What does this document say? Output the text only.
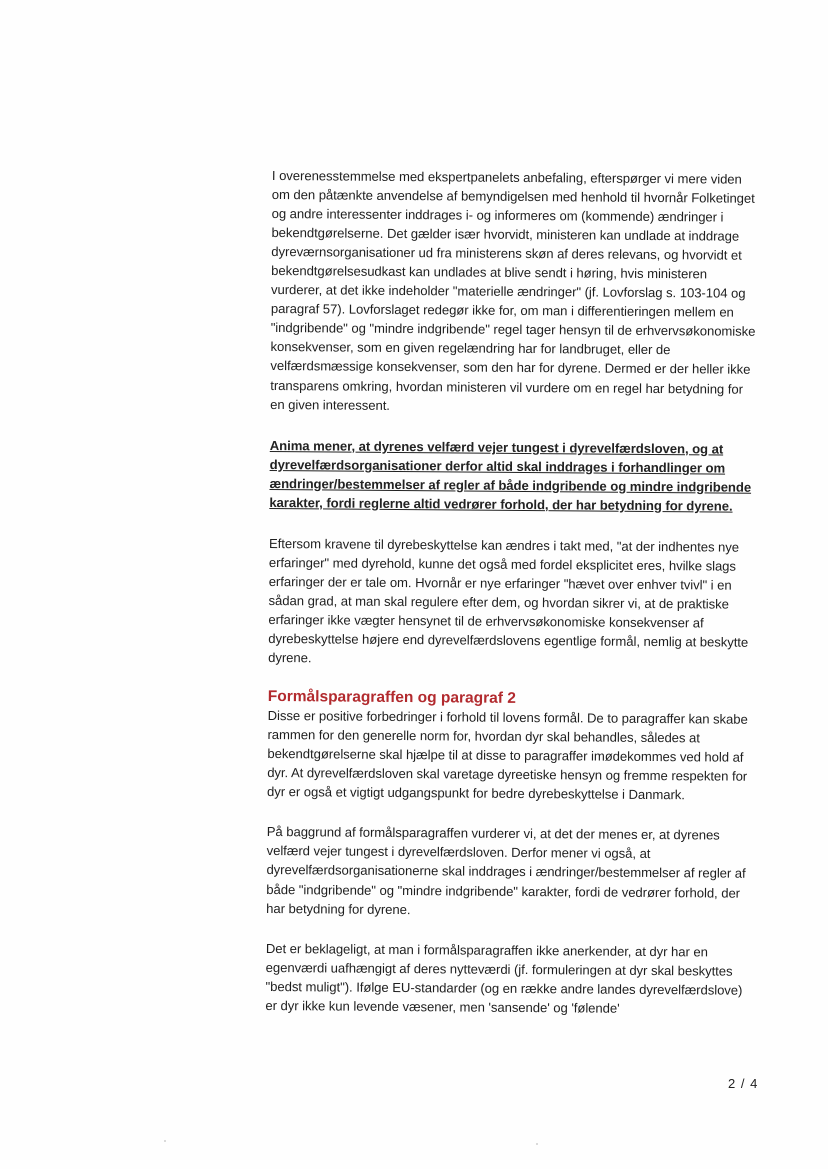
I overenesstemmelse med ekspertpanelets anbefaling, efterspørger vi mere viden om den påtænkte anvendelse af bemyndigelsen med henhold til hvornår Folketinget og andre interessenter inddrages i- og informeres om (kommende) ændringer i bekendtgørelserne. Det gælder især hvorvidt, ministeren kan undlade at inddrage dyreværnsorganisationer ud fra ministerens skøn af deres relevans, og hvorvidt et bekendtgørelsesudkast kan undlades at blive sendt i høring, hvis ministeren vurderer, at det ikke indeholder "materielle ændringer" (jf. Lovforslag s. 103-104 og paragraf 57). Lovforslaget redegør ikke for, om man i differentieringen mellem en "indgribende" og "mindre indgribende" regel tager hensyn til de erhvervsøkonomiske konsekvenser, som en given regelændring har for landbruget, eller de velfærdsmæssige konsekvenser, som den har for dyrene. Dermed er der heller ikke transparens omkring, hvordan ministeren vil vurdere om en regel har betydning for en given interessent.

Anima mener, at dyrenes velfærd vejer tungest i dyrevelfærdsloven, og at dyrevelfærdsorganisationer derfor altid skal inddrages i forhandlinger om ændringer/bestemmelser af regler af både indgribende og mindre indgribende karakter, fordi reglerne altid vedrører forhold, der har betydning for dyrene.

Eftersom kravene til dyrebeskyttelse kan ændres i takt med, "at der indhentes nye erfaringer" med dyrehold, kunne det også med fordel eksplicitet eres, hvilke slags erfaringer der er tale om. Hvornår er nye erfaringer "hævet over enhver tvivl" i en sådan grad, at man skal regulere efter dem, og hvordan sikrer vi, at de praktiske erfaringer ikke vægter hensynet til de erhvervsøkonomiske konsekvenser af dyrebeskyttelse højere end dyrevelfærdslovens egentlige formål, nemlig at beskytte dyrene.

Formålsparagraffen og paragraf 2

Disse er positive forbedringer i forhold til lovens formål. De to paragraffer kan skabe rammen for den generelle norm for, hvordan dyr skal behandles, således at bekendtgørelserne skal hjælpe til at disse to paragraffer imødekommes ved hold af dyr. At dyrevelfærdsloven skal varetage dyreetiske hensyn og fremme respekten for dyr er også et vigtigt udgangspunkt for bedre dyrebeskyttelse i Danmark.

På baggrund af formålsparagraffen vurderer vi, at det der menes er, at dyrenes velfærd vejer tungest i dyrevelfærdsloven. Derfor mener vi også, at dyrevelfærdsorganisationerne skal inddrages i ændringer/bestemmelser af regler af både "indgribende" og "mindre indgribende" karakter, fordi de vedrører forhold, der har betydning for dyrene.

Det er beklageligt, at man i formålsparagraffen ikke anerkender, at dyr har en egenværdi uafhængigt af deres nytteværdi (jf. formuleringen at dyr skal beskyttes "bedst muligt"). Ifølge EU-standarder (og en række andre landes dyrevelfærdslove) er dyr ikke kun levende væsener, men 'sansende' og 'følende'

2 / 4
